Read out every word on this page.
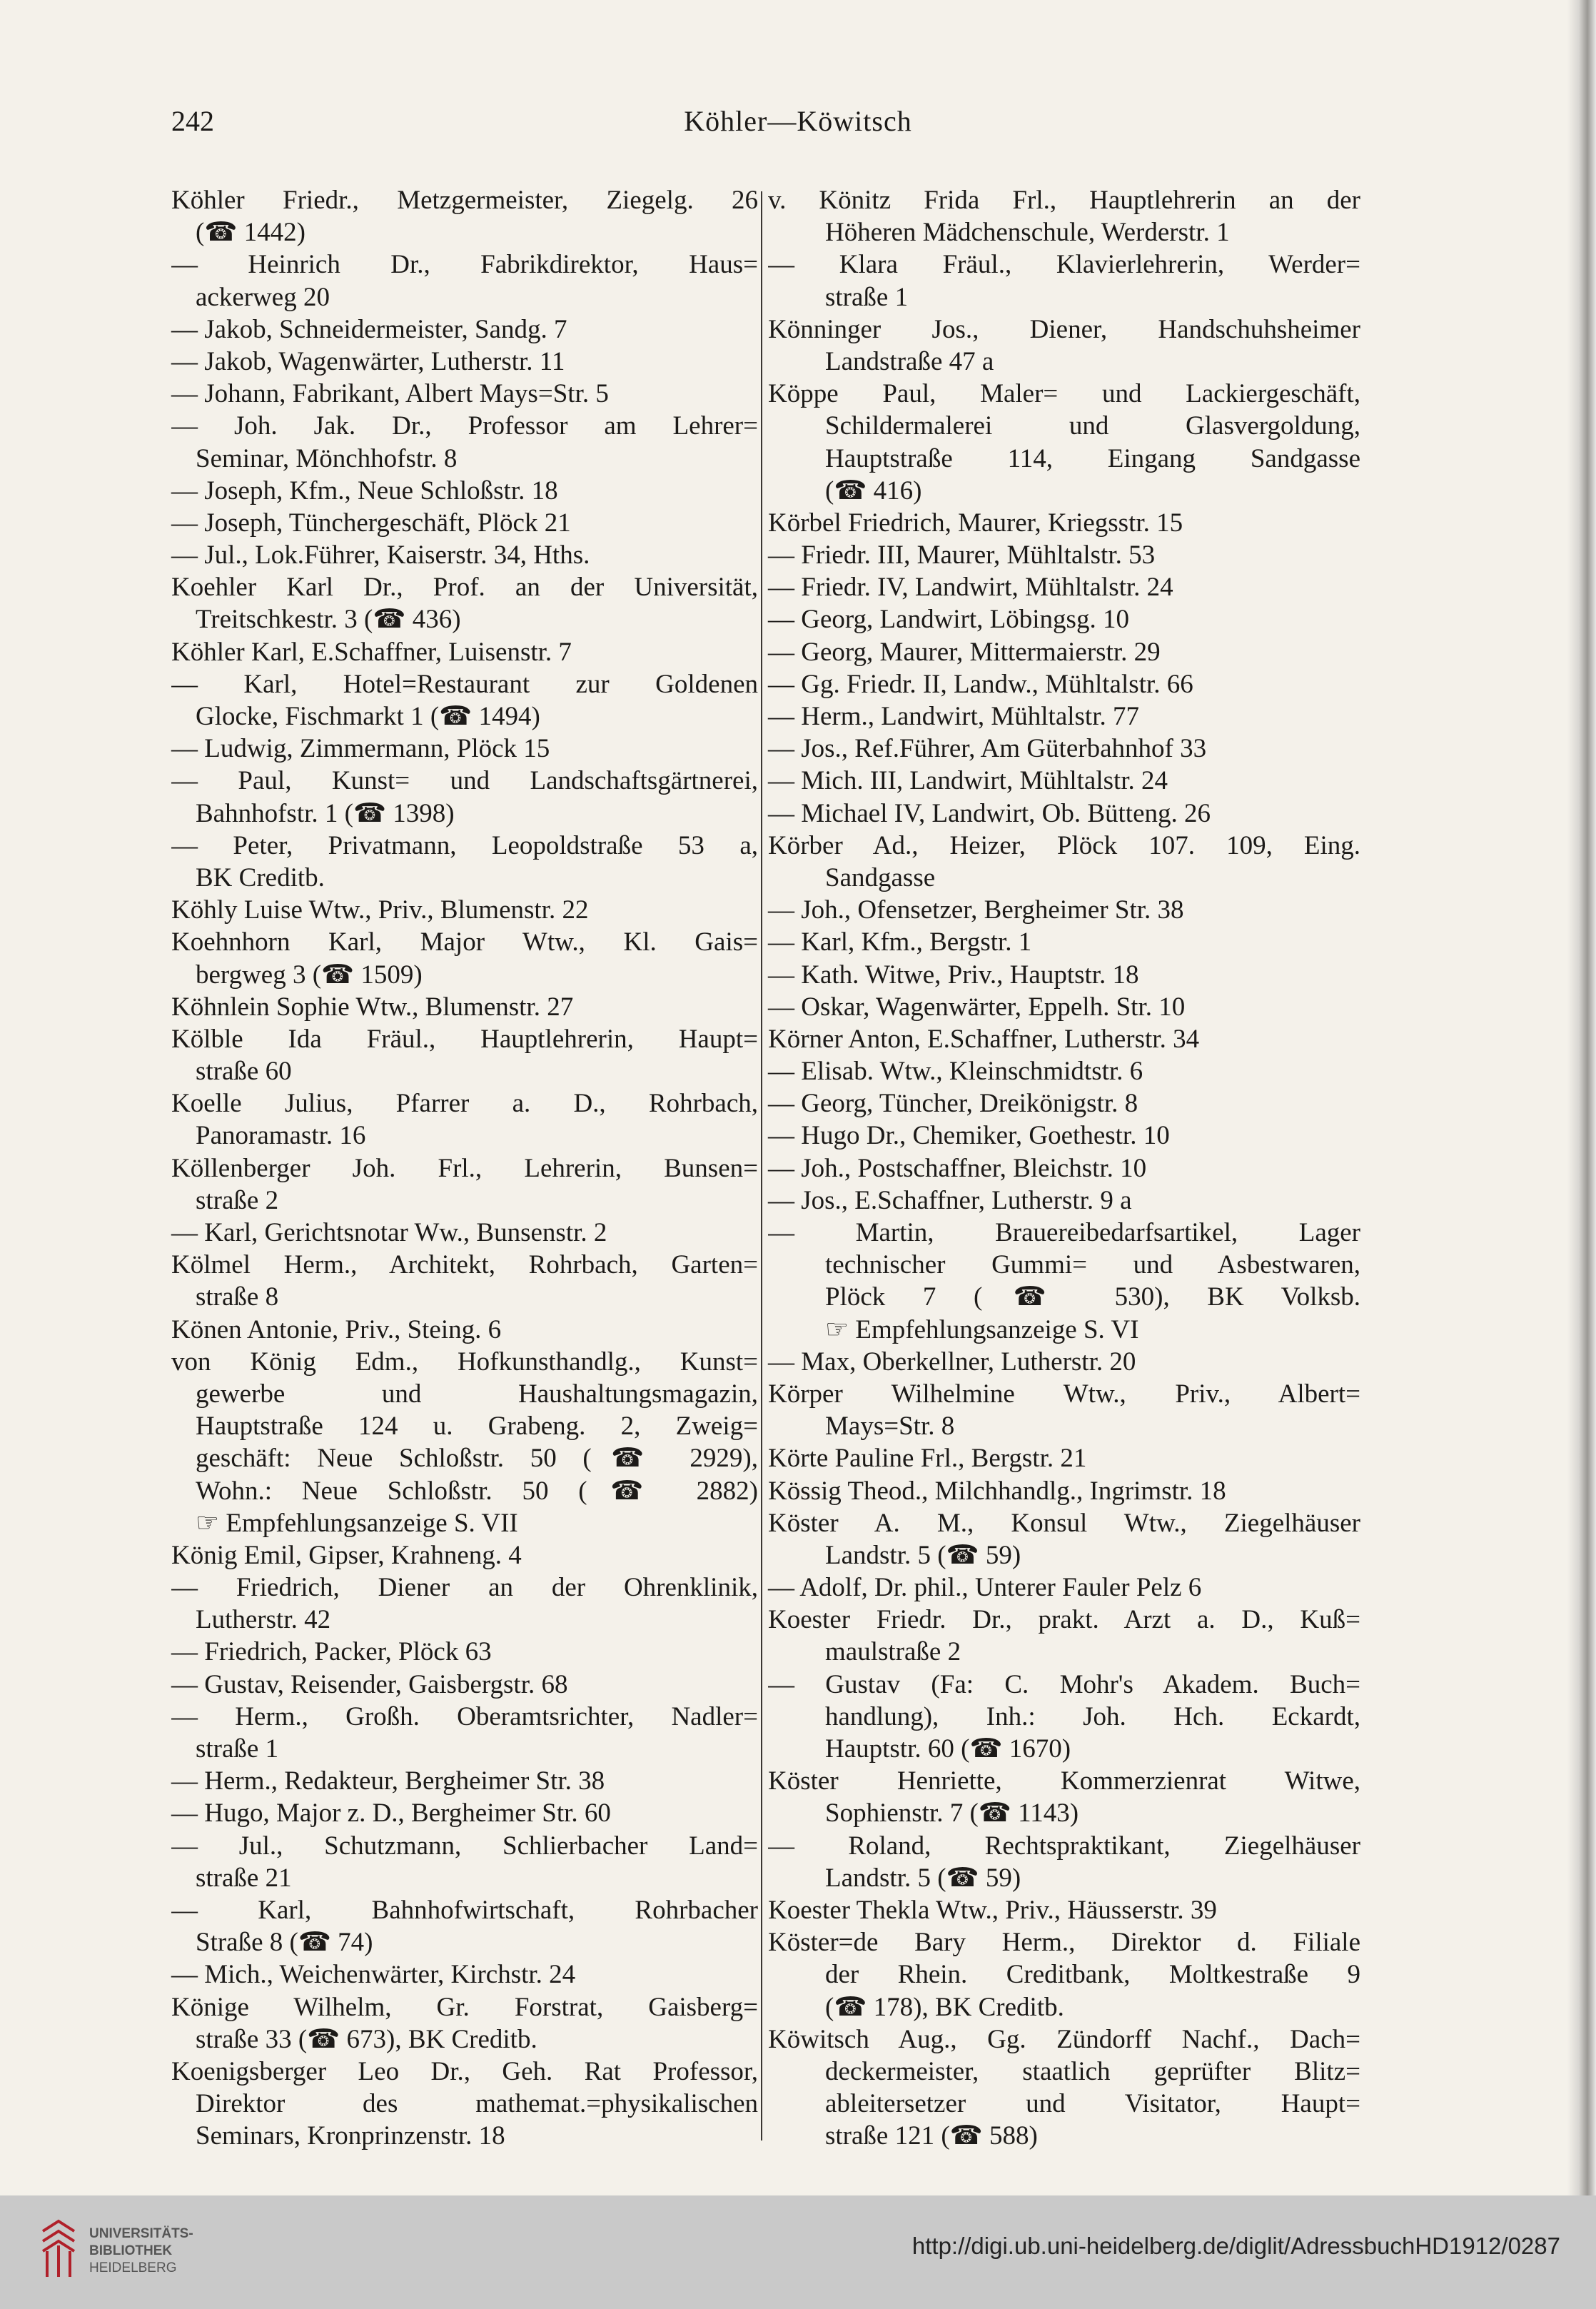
242	Köhler—Köwitsch
Köhler Friedr., Metzgermeister, Ziegelg. 26
(☎ 1442)
— Heinrich Dr., Fabrikdirektor, Haus=
ackerweg 20
— Jakob, Schneidermeister, Sandg. 7
— Jakob, Wagenwärter, Lutherstr. 11
— Johann, Fabrikant, Albert Mays=Str. 5
— Joh. Jak. Dr., Professor am Lehrer=
Seminar, Mönchhofstr. 8
— Joseph, Kfm., Neue Schloßstr. 18
— Joseph, Tünchergeschäft, Plöck 21
— Jul., Lok.Führer, Kaiserstr. 34, Hths.
Koehler Karl Dr., Prof. an der Universität,
Treitschkestr. 3 (☎ 436)
Köhler Karl, E.Schaffner, Luisenstr. 7
— Karl, Hotel=Restaurant zur Goldenen
Glocke, Fischmarkt 1 (☎ 1494)
— Ludwig, Zimmermann, Plöck 15
— Paul, Kunst= und Landschaftsgärtnerei,
Bahnhofstr. 1 (☎ 1398)
— Peter, Privatmann, Leopoldstraße 53 a,
BK Creditb.
Köhly Luise Wtw., Priv., Blumenstr. 22
Koehnhorn Karl, Major Wtw., Kl. Gais=
bergweg 3 (☎ 1509)
Köhnlein Sophie Wtw., Blumenstr. 27
Kölble Ida Fräul., Hauptlehrerin, Haupt=
straße 60
Koelle Julius, Pfarrer a. D., Rohrbach,
Panoramastr. 16
Köllenberger Joh. Frl., Lehrerin, Bunsen=
straße 2
— Karl, Gerichtsnotar Ww., Bunsenstr. 2
Kölmel Herm., Architekt, Rohrbach, Garten=
straße 8
Könen Antonie, Priv., Steing. 6
von König Edm., Hofkunsthandlg., Kunst=
gewerbe und Haushaltungsmagazin,
Hauptstraße 124 u. Grabeng. 2, Zweig=
geschäft: Neue Schloßstr. 50 (☎ 2929),
Wohn.: Neue Schloßstr. 50 (☎ 2882)
☞ Empfehlungsanzeige S. VII
König Emil, Gipser, Krahneng. 4
— Friedrich, Diener an der Ohrenklinik,
Lutherstr. 42
— Friedrich, Packer, Plöck 63
— Gustav, Reisender, Gaisbergstr. 68
— Herm., Großh. Oberamtsrichter, Nadler=
straße 1
— Herm., Redakteur, Bergheimer Str. 38
— Hugo, Major z. D., Bergheimer Str. 60
— Jul., Schutzmann, Schlierbacher Land=
straße 21
— Karl, Bahnhofwirtschaft, Rohrbacher
Straße 8 (☎ 74)
— Mich., Weichenwärter, Kirchstr. 24
Könige Wilhelm, Gr. Forstrat, Gaisberg=
straße 33 (☎ 673), BK Creditb.
Koenigsberger Leo Dr., Geh. Rat Professor,
Direktor des mathemat.=physikalischen
Seminars, Kronprinzenstr. 18
v. Könitz Frida Frl., Hauptlehrerin an der
Höheren Mädchenschule, Werderstr. 1
— Klara Fräul., Klavierlehrerin, Werder=
straße 1
Könninger Jos., Diener, Handschuhsheimer
Landstraße 47 a
Köppe Paul, Maler= und Lackiergeschäft,
Schildermalerei und Glasvergoldung,
Hauptstraße 114, Eingang Sandgasse
(☎ 416)
Körbel Friedrich, Maurer, Kriegsstr. 15
— Friedr. III, Maurer, Mühltalstr. 53
— Friedr. IV, Landwirt, Mühltalstr. 24
— Georg, Landwirt, Löbingsg. 10
— Georg, Maurer, Mittermaierstr. 29
— Gg. Friedr. II, Landw., Mühltalstr. 66
— Herm., Landwirt, Mühltalstr. 77
— Jos., Ref.Führer, Am Güterbahnhof 33
— Mich. III, Landwirt, Mühltalstr. 24
— Michael IV, Landwirt, Ob. Bütteng. 26
Körber Ad., Heizer, Plöck 107. 109, Eing.
Sandgasse
— Joh., Ofensetzer, Bergheimer Str. 38
— Karl, Kfm., Bergstr. 1
— Kath. Witwe, Priv., Hauptstr. 18
— Oskar, Wagenwärter, Eppelh. Str. 10
Körner Anton, E.Schaffner, Lutherstr. 34
— Elisab. Wtw., Kleinschmidtstr. 6
— Georg, Tüncher, Dreikönigstr. 8
— Hugo Dr., Chemiker, Goethestr. 10
— Joh., Postschaffner, Bleichstr. 10
— Jos., E.Schaffner, Lutherstr. 9 a
— Martin, Brauereibedarfsartikel, Lager
technischer Gummi= und Asbestwaren,
Plöck 7 (☎ 530), BK Volksb.
☞ Empfehlungsanzeige S. VI
— Max, Oberkellner, Lutherstr. 20
Körper Wilhelmine Wtw., Priv., Albert=
Mays=Str. 8
Körte Pauline Frl., Bergstr. 21
Kössig Theod., Milchhandlg., Ingrimstr. 18
Köster A. M., Konsul Wtw., Ziegelhäuser
Landstr. 5 (☎ 59)
— Adolf, Dr. phil., Unterer Fauler Pelz 6
Koester Friedr. Dr., prakt. Arzt a. D., Kuß=
maulstraße 2
— Gustav (Fa: C. Mohr's Akadem. Buch=
handlung), Inh.: Joh. Hch. Eckardt,
Hauptstr. 60 (☎ 1670)
Köster Henriette, Kommerzienrat Witwe,
Sophienstr. 7 (☎ 1143)
— Roland, Rechtspraktikant, Ziegelhäuser
Landstr. 5 (☎ 59)
Koester Thekla Wtw., Priv., Häusserstr. 39
Köster=de Bary Herm., Direktor d. Filiale
der Rhein. Creditbank, Moltkestraße 9
(☎ 178), BK Creditb.
Köwitsch Aug., Gg. Zündorff Nachf., Dach=
deckermeister, staatlich geprüfter Blitz=
ableitersetzer und Visitator, Haupt=
straße 121 (☎ 588)
UNIVERSITÄTS-
BIBLIOTHEK
HEIDELBERG
http://digi.ub.uni-heidelberg.de/diglit/AdressbuchHD1912/0287
